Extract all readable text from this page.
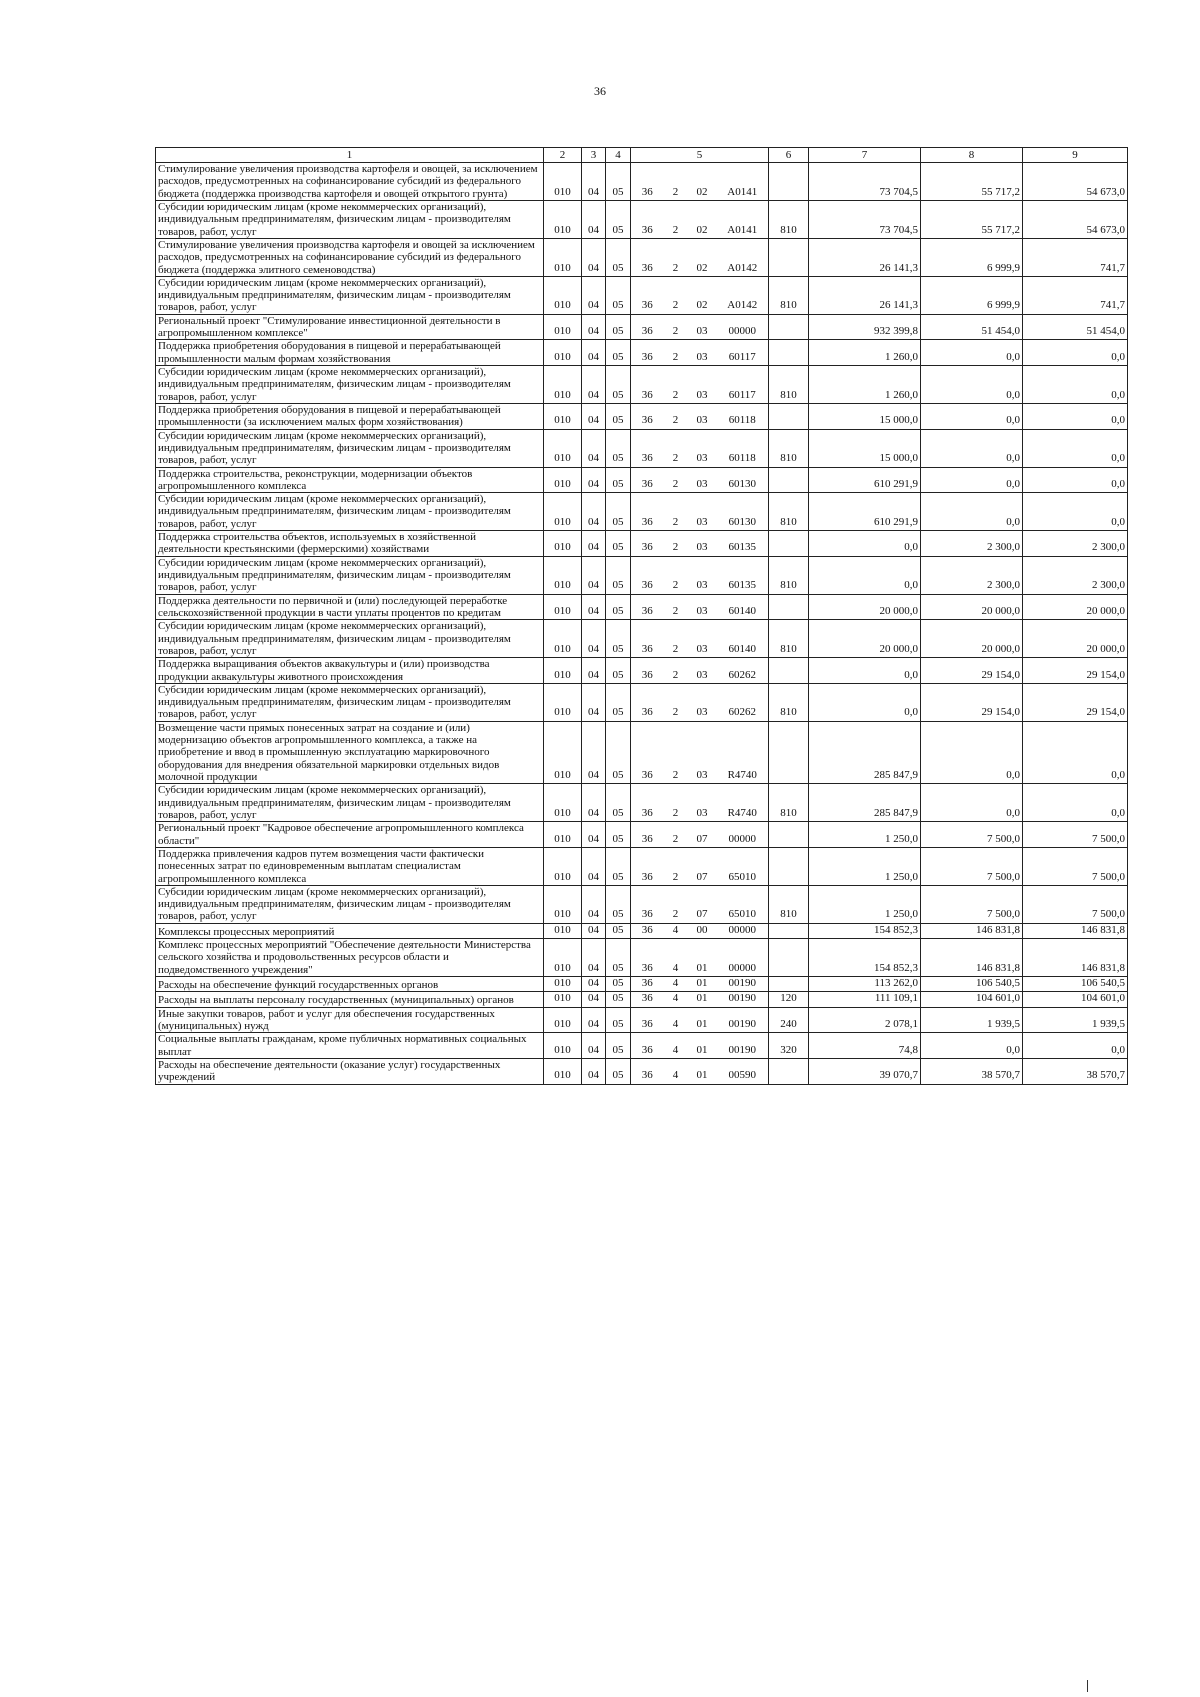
36
1	2	3	4	5				6	7	8	9
Стимулирование увеличения производства картофеля и овощей, за исключением расходов, предусмотренных на софинансирование субсидий из федерального бюджета (поддержка производства картофеля и овощей открытого грунта)	010	04	05	36	2	02	A0141		73 704,5	55 717,2	54 673,0
Субсидии юридическим лицам (кроме некоммерческих организаций), индивидуальным предпринимателям, физическим лицам - производителям товаров, работ, услуг	010	04	05	36	2	02	A0141	810	73 704,5	55 717,2	54 673,0
Стимулирование увеличения производства картофеля и овощей за исключением расходов, предусмотренных на софинансирование субсидий из федерального бюджета (поддержка элитного семеноводства)	010	04	05	36	2	02	A0142		26 141,3	6 999,9	741,7
Субсидии юридическим лицам (кроме некоммерческих организаций), индивидуальным предпринимателям, физическим лицам - производителям товаров, работ, услуг	010	04	05	36	2	02	A0142	810	26 141,3	6 999,9	741,7
Региональный проект "Стимулирование инвестиционной деятельности в агропромышленном комплексе"	010	04	05	36	2	03	00000		932 399,8	51 454,0	51 454,0
Поддержка приобретения оборудования в пищевой и перерабатывающей промышленности малым формам хозяйствования	010	04	05	36	2	03	60117		1 260,0	0,0	0,0
Субсидии юридическим лицам (кроме некоммерческих организаций), индивидуальным предпринимателям, физическим лицам - производителям товаров, работ, услуг	010	04	05	36	2	03	60117	810	1 260,0	0,0	0,0
Поддержка приобретения оборудования в пищевой и перерабатывающей промышленности (за исключением малых форм хозяйствования)	010	04	05	36	2	03	60118		15 000,0	0,0	0,0
Субсидии юридическим лицам (кроме некоммерческих организаций), индивидуальным предпринимателям, физическим лицам - производителям товаров, работ, услуг	010	04	05	36	2	03	60118	810	15 000,0	0,0	0,0
Поддержка строительства, реконструкции, модернизации объектов агропромышленного комплекса	010	04	05	36	2	03	60130		610 291,9	0,0	0,0
Субсидии юридическим лицам (кроме некоммерческих организаций), индивидуальным предпринимателям, физическим лицам - производителям товаров, работ, услуг	010	04	05	36	2	03	60130	810	610 291,9	0,0	0,0
Поддержка строительства объектов, используемых в хозяйственной деятельности крестьянскими (фермерскими) хозяйствами	010	04	05	36	2	03	60135		0,0	2 300,0	2 300,0
Субсидии юридическим лицам (кроме некоммерческих организаций), индивидуальным предпринимателям, физическим лицам - производителям товаров, работ, услуг	010	04	05	36	2	03	60135	810	0,0	2 300,0	2 300,0
Поддержка деятельности по первичной и (или) последующей переработке сельскохозяйственной продукции в части уплаты процентов по кредитам	010	04	05	36	2	03	60140		20 000,0	20 000,0	20 000,0
Субсидии юридическим лицам (кроме некоммерческих организаций), индивидуальным предпринимателям, физическим лицам - производителям товаров, работ, услуг	010	04	05	36	2	03	60140	810	20 000,0	20 000,0	20 000,0
Поддержка выращивания объектов аквакультуры и (или) производства продукции аквакультуры животного происхождения	010	04	05	36	2	03	60262		0,0	29 154,0	29 154,0
Субсидии юридическим лицам (кроме некоммерческих организаций), индивидуальным предпринимателям, физическим лицам - производителям товаров, работ, услуг	010	04	05	36	2	03	60262	810	0,0	29 154,0	29 154,0
Возмещение части прямых понесенных затрат на создание и (или) модернизацию объектов агропромышленного комплекса, а также на приобретение и ввод в промышленную эксплуатацию маркировочного оборудования для внедрения обязательной маркировки отдельных видов молочной продукции	010	04	05	36	2	03	R4740		285 847,9	0,0	0,0
Субсидии юридическим лицам (кроме некоммерческих организаций), индивидуальным предпринимателям, физическим лицам - производителям товаров, работ, услуг	010	04	05	36	2	03	R4740	810	285 847,9	0,0	0,0
Региональный проект "Кадровое обеспечение агропромышленного комплекса области"	010	04	05	36	2	07	00000		1 250,0	7 500,0	7 500,0
Поддержка привлечения кадров путем возмещения части фактически понесенных затрат по единовременным выплатам специалистам агропромышленного комплекса	010	04	05	36	2	07	65010		1 250,0	7 500,0	7 500,0
Субсидии юридическим лицам (кроме некоммерческих организаций), индивидуальным предпринимателям, физическим лицам - производителям товаров, работ, услуг	010	04	05	36	2	07	65010	810	1 250,0	7 500,0	7 500,0
Комплексы процессных мероприятий	010	04	05	36	4	00	00000		154 852,3	146 831,8	146 831,8
Комплекс процессных мероприятий "Обеспечение деятельности Министерства сельского хозяйства и продовольственных ресурсов области и подведомственного учреждения"	010	04	05	36	4	01	00000		154 852,3	146 831,8	146 831,8
Расходы на обеспечение функций государственных органов	010	04	05	36	4	01	00190		113 262,0	106 540,5	106 540,5
Расходы на выплаты персоналу государственных (муниципальных) органов	010	04	05	36	4	01	00190	120	111 109,1	104 601,0	104 601,0
Иные закупки товаров, работ и услуг для обеспечения государственных (муниципальных) нужд	010	04	05	36	4	01	00190	240	2 078,1	1 939,5	1 939,5
Социальные выплаты гражданам, кроме публичных нормативных социальных выплат	010	04	05	36	4	01	00190	320	74,8	0,0	0,0
Расходы на обеспечение деятельности (оказание услуг) государственных учреждений	010	04	05	36	4	01	00590		39 070,7	38 570,7	38 570,7
